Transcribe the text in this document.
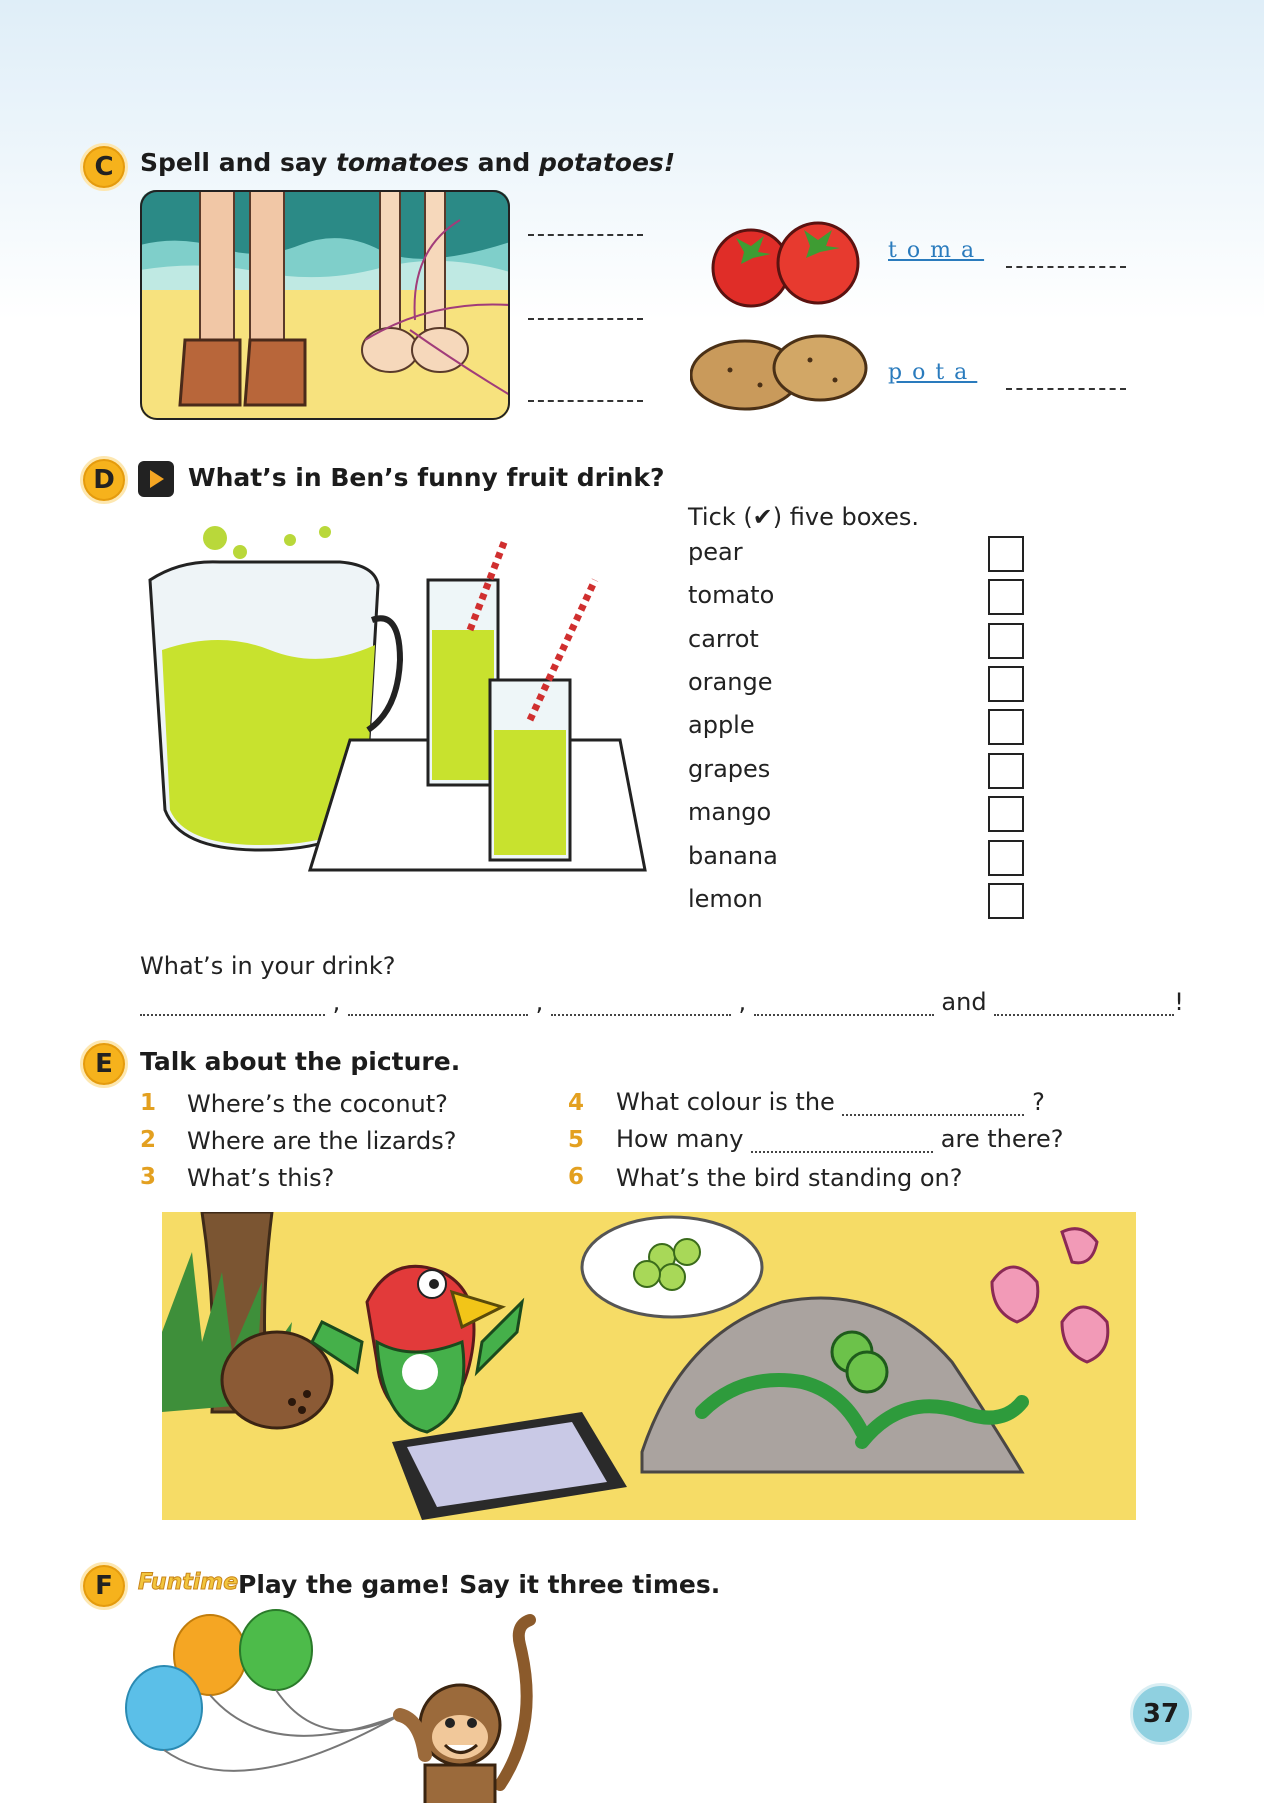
C	Spell and say tomatoes and potatoes!
toma
pota
D	What’s in Ben’s funny fruit drink?
Tick (✔) five boxes.
pear
tomato
carrot
orange
apple
grapes
mango
banana
lemon
What’s in your drink?
,	,	,	and	!
E	Talk about the picture.
1 Where’s the coconut?
2 Where are the lizards?
3 What’s this?
4 What colour is the	?
5 How many	are there?
6 What’s the bird standing on?
F	Funtime Play the game! Say it three times.
37
